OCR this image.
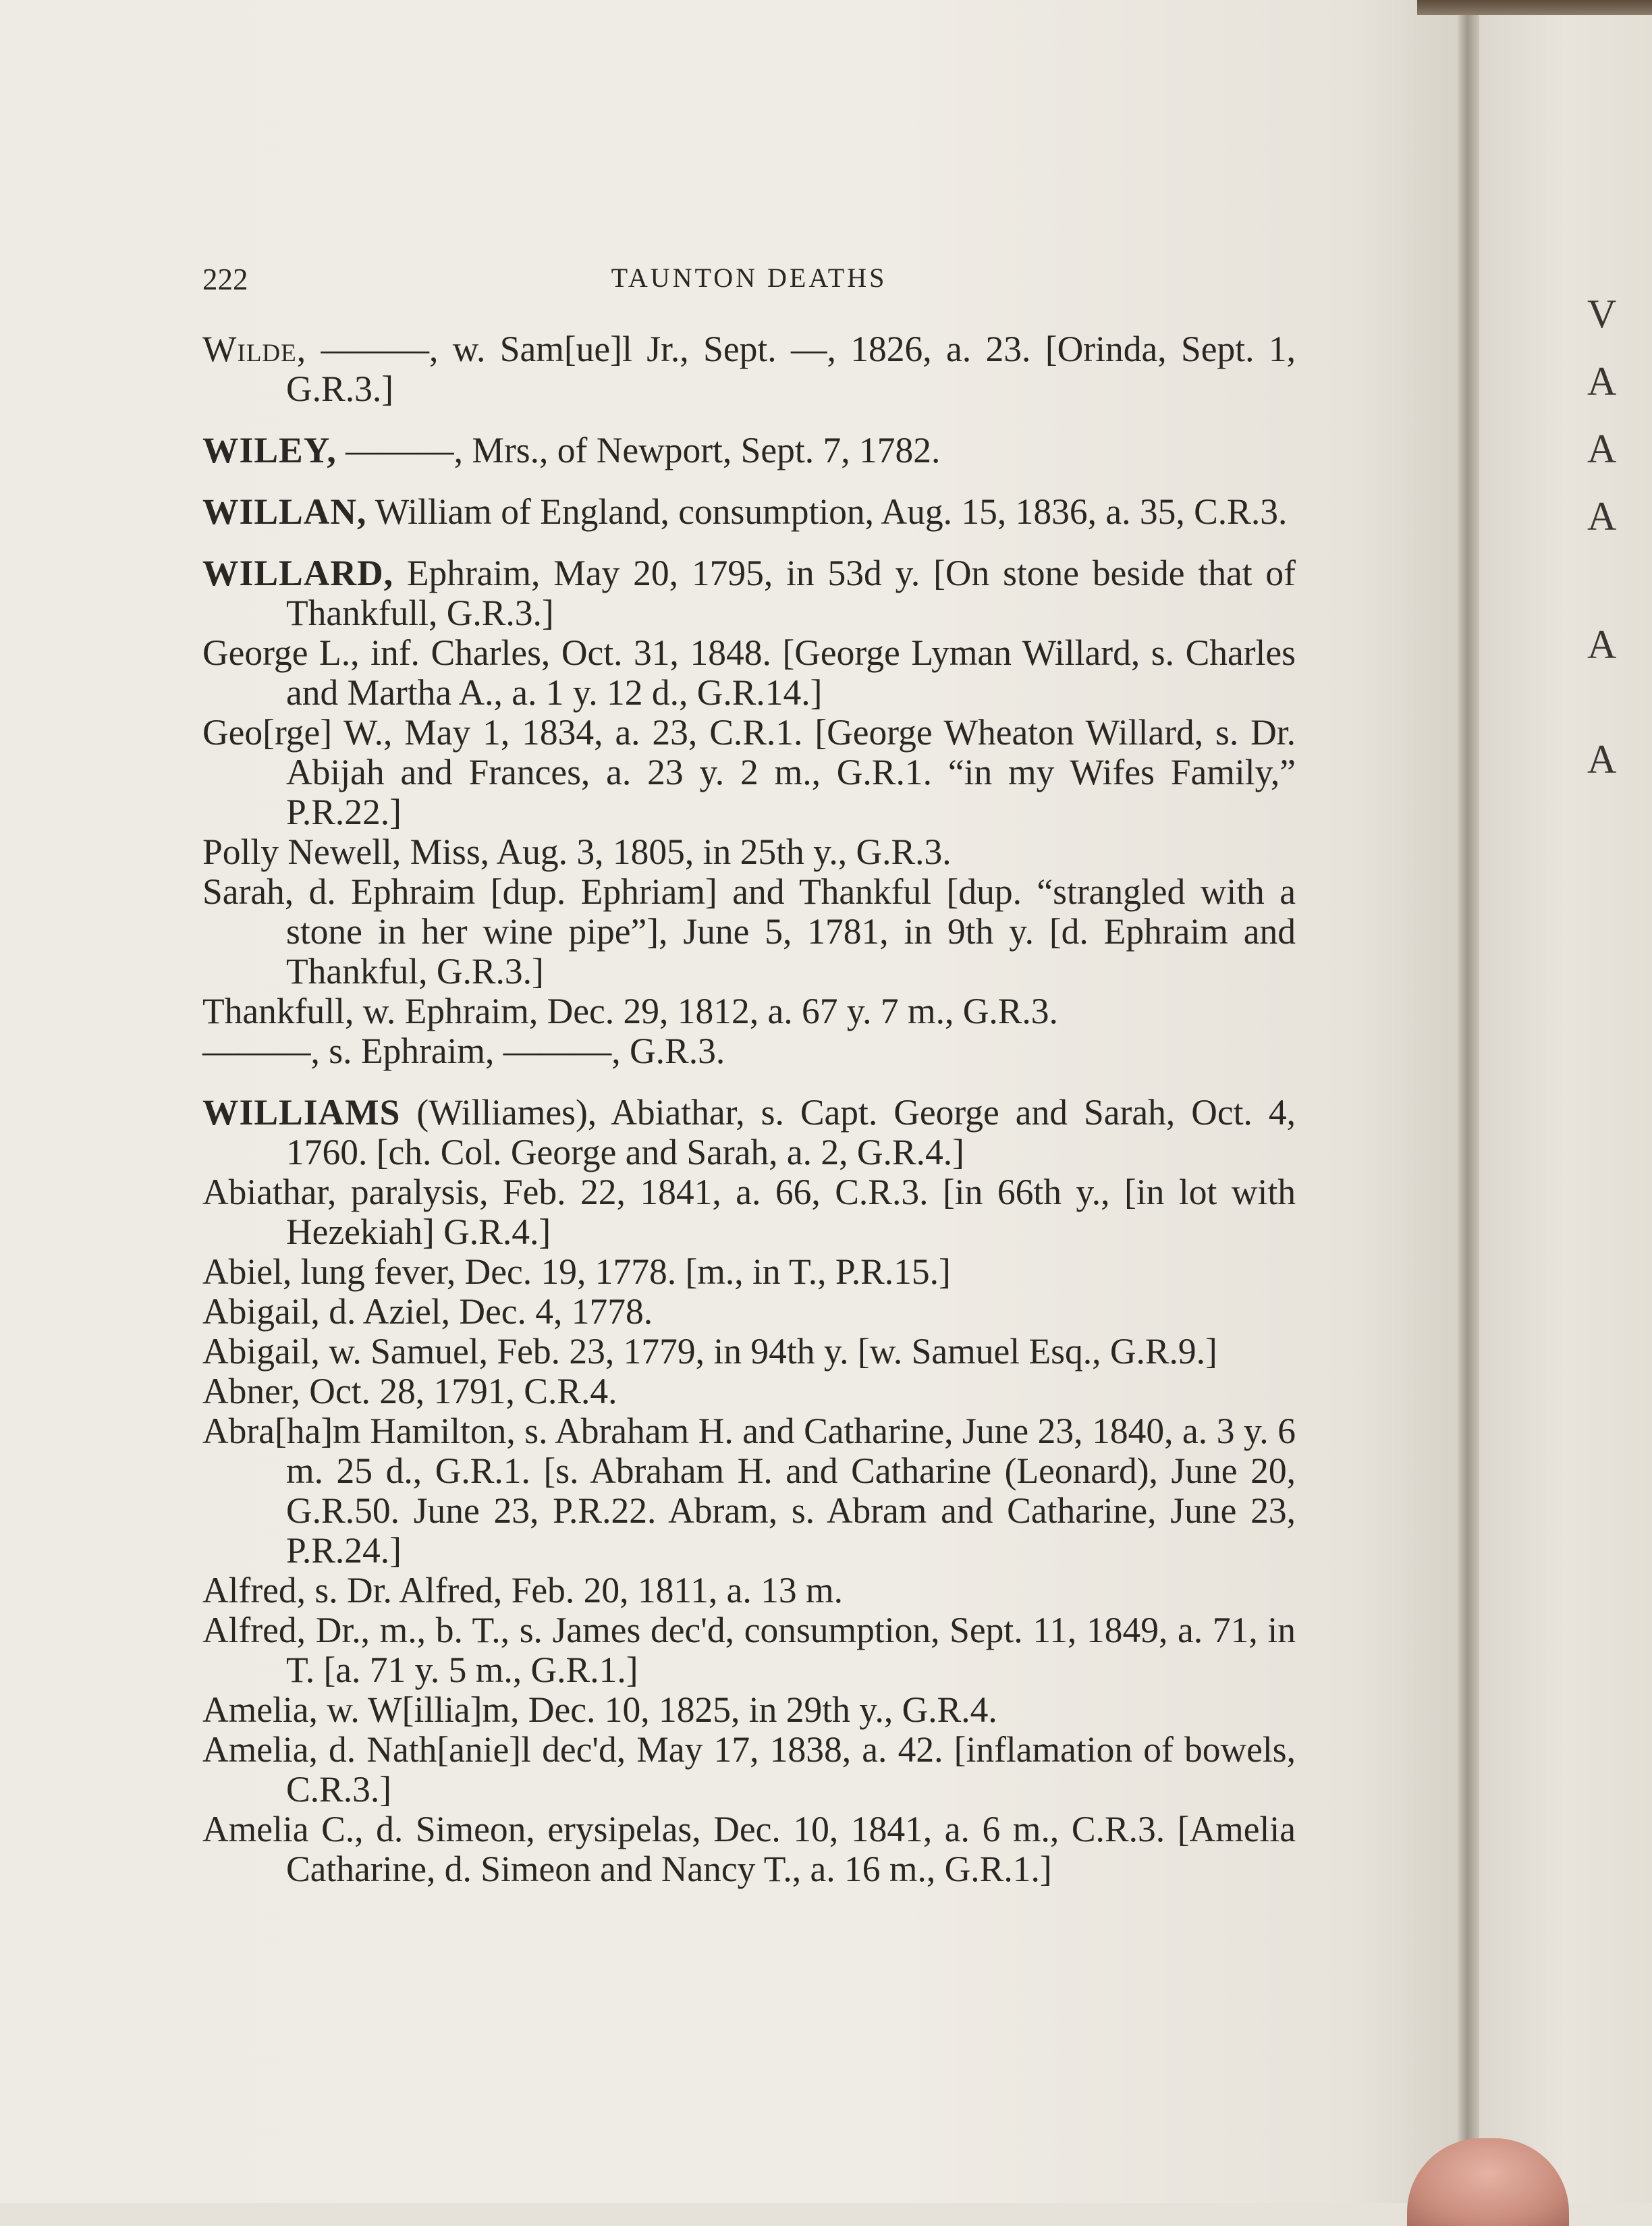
V
A
A
A
A
A
222	TAUNTON DEATHS

Wilde, ———, w. Sam[ue]l Jr., Sept. —, 1826, a. 23. [Orinda, Sept. 1, G.R.3.]

WILEY, ———, Mrs., of Newport, Sept. 7, 1782.

WILLAN, William of England, consumption, Aug. 15, 1836, a. 35, C.R.3.

WILLARD, Ephraim, May 20, 1795, in 53d y. [On stone beside that of Thankfull, G.R.3.]

George L., inf. Charles, Oct. 31, 1848. [George Lyman Willard, s. Charles and Martha A., a. 1 y. 12 d., G.R.14.]

Geo[rge] W., May 1, 1834, a. 23, C.R.1. [George Wheaton Willard, s. Dr. Abijah and Frances, a. 23 y. 2 m., G.R.1. “in my Wifes Family,” P.R.22.]

Polly Newell, Miss, Aug. 3, 1805, in 25th y., G.R.3.

Sarah, d. Ephraim [dup. Ephriam] and Thankful [dup. “strangled with a stone in her wine pipe”], June 5, 1781, in 9th y. [d. Ephraim and Thankful, G.R.3.]

Thankfull, w. Ephraim, Dec. 29, 1812, a. 67 y. 7 m., G.R.3.

———, s. Ephraim, ———, G.R.3.

WILLIAMS (Williames), Abiathar, s. Capt. George and Sarah, Oct. 4, 1760. [ch. Col. George and Sarah, a. 2, G.R.4.]

Abiathar, paralysis, Feb. 22, 1841, a. 66, C.R.3. [in 66th y., [in lot with Hezekiah] G.R.4.]

Abiel, lung fever, Dec. 19, 1778. [m., in T., P.R.15.]

Abigail, d. Aziel, Dec. 4, 1778.

Abigail, w. Samuel, Feb. 23, 1779, in 94th y. [w. Samuel Esq., G.R.9.]

Abner, Oct. 28, 1791, C.R.4.

Abra[ha]m Hamilton, s. Abraham H. and Catharine, June 23, 1840, a. 3 y. 6 m. 25 d., G.R.1. [s. Abraham H. and Catharine (Leonard), June 20, G.R.50. June 23, P.R.22. Abram, s. Abram and Catharine, June 23, P.R.24.]

Alfred, s. Dr. Alfred, Feb. 20, 1811, a. 13 m.

Alfred, Dr., m., b. T., s. James dec'd, consumption, Sept. 11, 1849, a. 71, in T. [a. 71 y. 5 m., G.R.1.]

Amelia, w. W[illia]m, Dec. 10, 1825, in 29th y., G.R.4.

Amelia, d. Nath[anie]l dec'd, May 17, 1838, a. 42. [inflamation of bowels, C.R.3.]

Amelia C., d. Simeon, erysipelas, Dec. 10, 1841, a. 6 m., C.R.3. [Amelia Catharine, d. Simeon and Nancy T., a. 16 m., G.R.1.]
